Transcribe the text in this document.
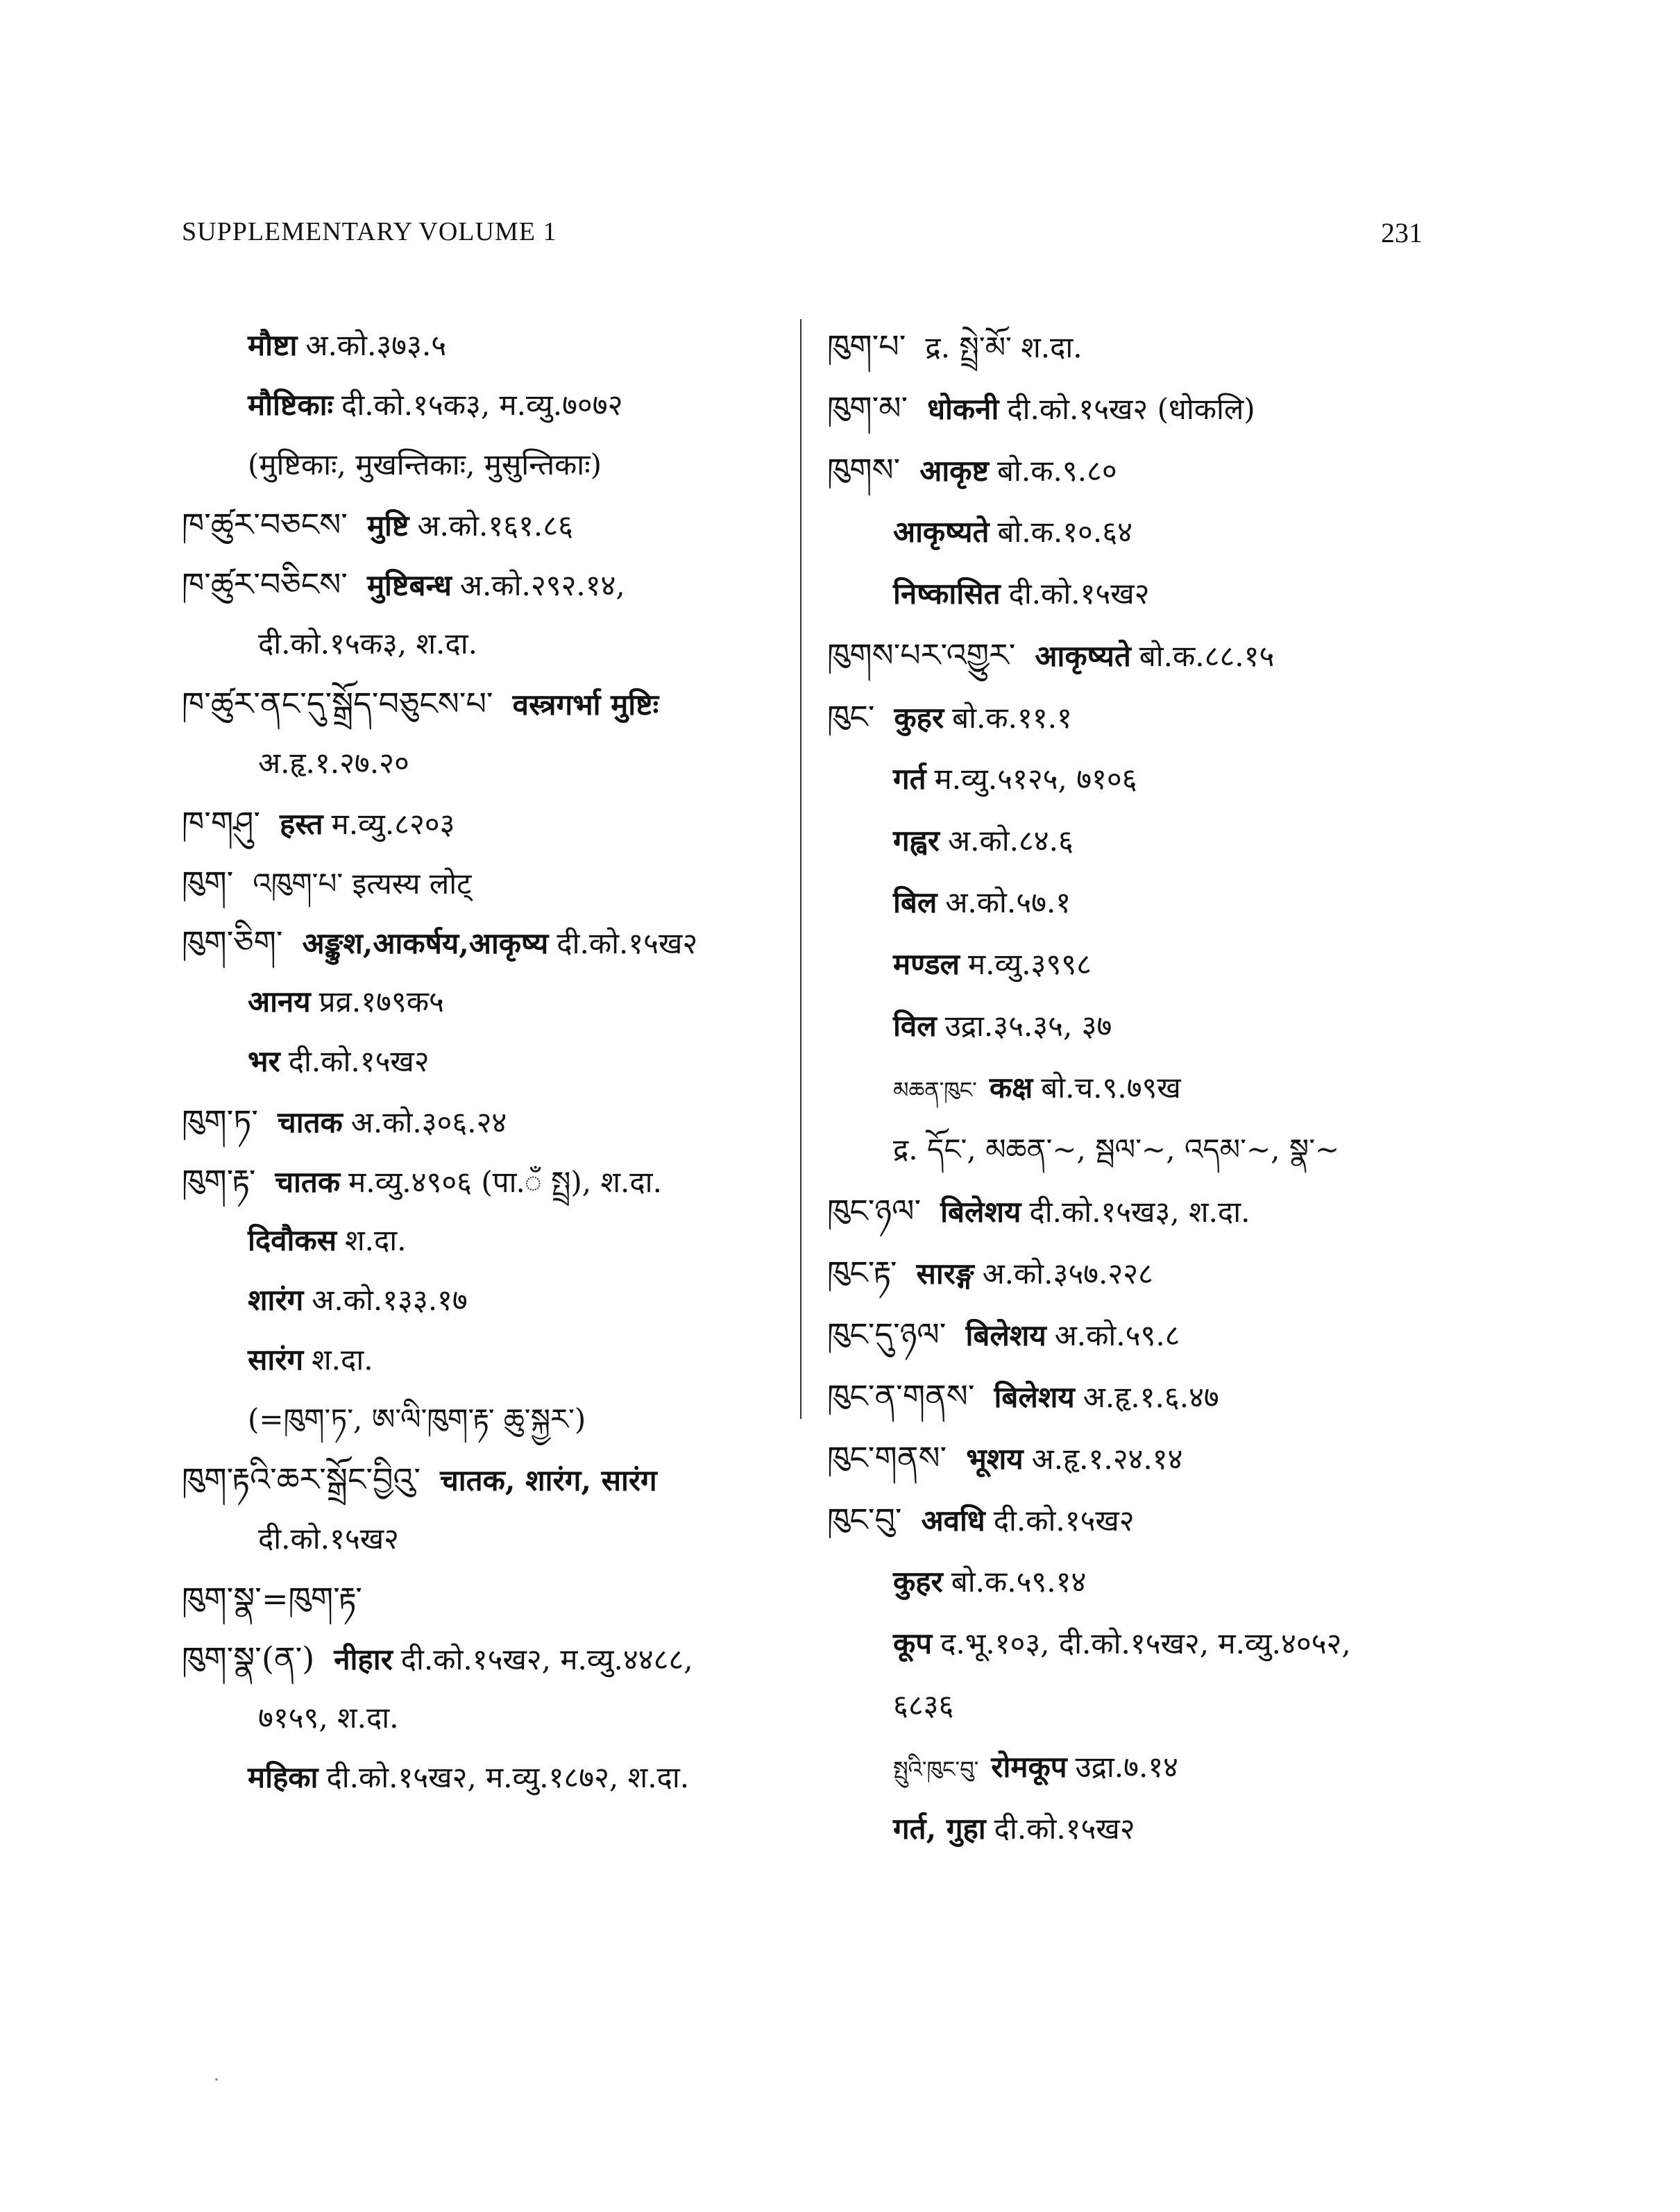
SUPPLEMENTARY VOLUME 1	231
मौष्टा अ.को.३७३.५
मौष्टिकाः दी.को.१५क३, म.व्यु.७०७२
(मुष्टिकाः, मुखन्तिकाः, मुसुन्तिकाः)
ཁ་ཚུར་བཅངས་ मुष्टि अ.को.१६१.८६
ཁ་ཚུར་བཅིངས་ मुष्टिबन्ध अ.को.२९२.१४,
दी.को.१५क३, श.दा.
ཁ་ཚུར་ནང་དུ་སྒྲོད་བཅུངས་པ་ वस्त्रगर्भा मुष्टिः
अ.हृ.१.२७.२०
ཁ་གཤུ་ हस्त म.व्यु.८२०३
ཁུག་ འཁུག་པ་ इत्यस्य लोट्
ཁུག་ཅིག་ अङ्कुश,आकर्षय,आकृष्य दी.को.१५ख२
आनय प्रव्र.१७९क५
भर दी.को.१५ख२
ཁུག་ཏ་ चातक अ.को.३०६.२४
ཁུག་རྟ་ चातक म.व्यु.४९०६ (पा.ँ སྤྲ), श.दा.
दिवौकस श.दा.
शारंग अ.को.१३३.१७
सारंग श.दा.
(=ཁུག་ཏ་, ཨ་ལི་ཁུག་རྟ་ ཆུ་སྐྱར་)
ཁུག་རྟའི་ཆར་སྒྲོང་བྱིའུ་ चातक, शारंग, सारंग
दी.को.१५ख२
ཁུག་སྣ་=ཁུག་རྟ་
ཁུག་སྣ་(ན་) नीहार दी.को.१५ख२, म.व्यु.४४८८,
७१५९, श.दा.
महिका दी.को.१५ख२, म.व्यु.१८७२, श.दा.
ཁུག་པ་ द्र. སྤྲེ་མོ་ श.दा.
ཁུག་མ་ धोकनी दी.को.१५ख२ (धोकलि)
ཁུགས་ आकृष्ट बो.क.९.८०
आकृष्यते बो.क.१०.६४
निष्कासित दी.को.१५ख२
ཁུགས་པར་འགྱུར་ आकृष्यते बो.क.८८.१५
ཁུང་ कुहर बो.क.११.१
गर्त म.व्यु.५१२५, ७१०६
गह्वर अ.को.८४.६
बिल अ.को.५७.१
मण्डल म.व्यु.३९९८
विल उद्रा.३५.३५, ३७
མཆན་ཁུང་ कक्ष बो.च.९.७९ख
द्र. དོང་, མཆན་~, སྦལ་~, འདམ་~, སྣ་~
ཁུང་ཉལ་ बिलेशय दी.को.१५ख३, श.दा.
ཁུང་རྟ་ सारङ्ग अ.को.३५७.२२८
ཁུང་དུ་ཉལ་ बिलेशय अ.को.५९.८
ཁུང་ན་གནས་ बिलेशय अ.हृ.१.६.४७
ཁུང་གནས་ भूशय अ.हृ.१.२४.१४
ཁུང་བུ་ अवधि दी.को.१५ख२
कुहर बो.क.५९.१४
कूप द.भू.१०३, दी.को.१५ख२, म.व्यु.४०५२,
६८३६
སྤུའི་ཁུང་བུ་ रोमकूप उद्रा.७.१४
गर्त, गुहा दी.को.१५ख२
